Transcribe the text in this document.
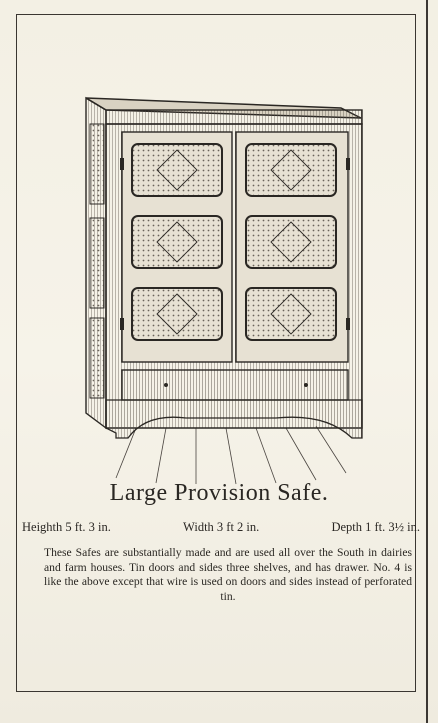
Large Provision Safe.
Heighth 5 ft. 3 in.	Width 3 ft 2 in.	Depth 1 ft. 3½ in.
These Safes are substantially made and are used all over the South in dairies and farm houses. Tin doors and sides three shelves, and has drawer. No. 4 is like the above except that wire is used on doors and sides instead of perforated tin.
